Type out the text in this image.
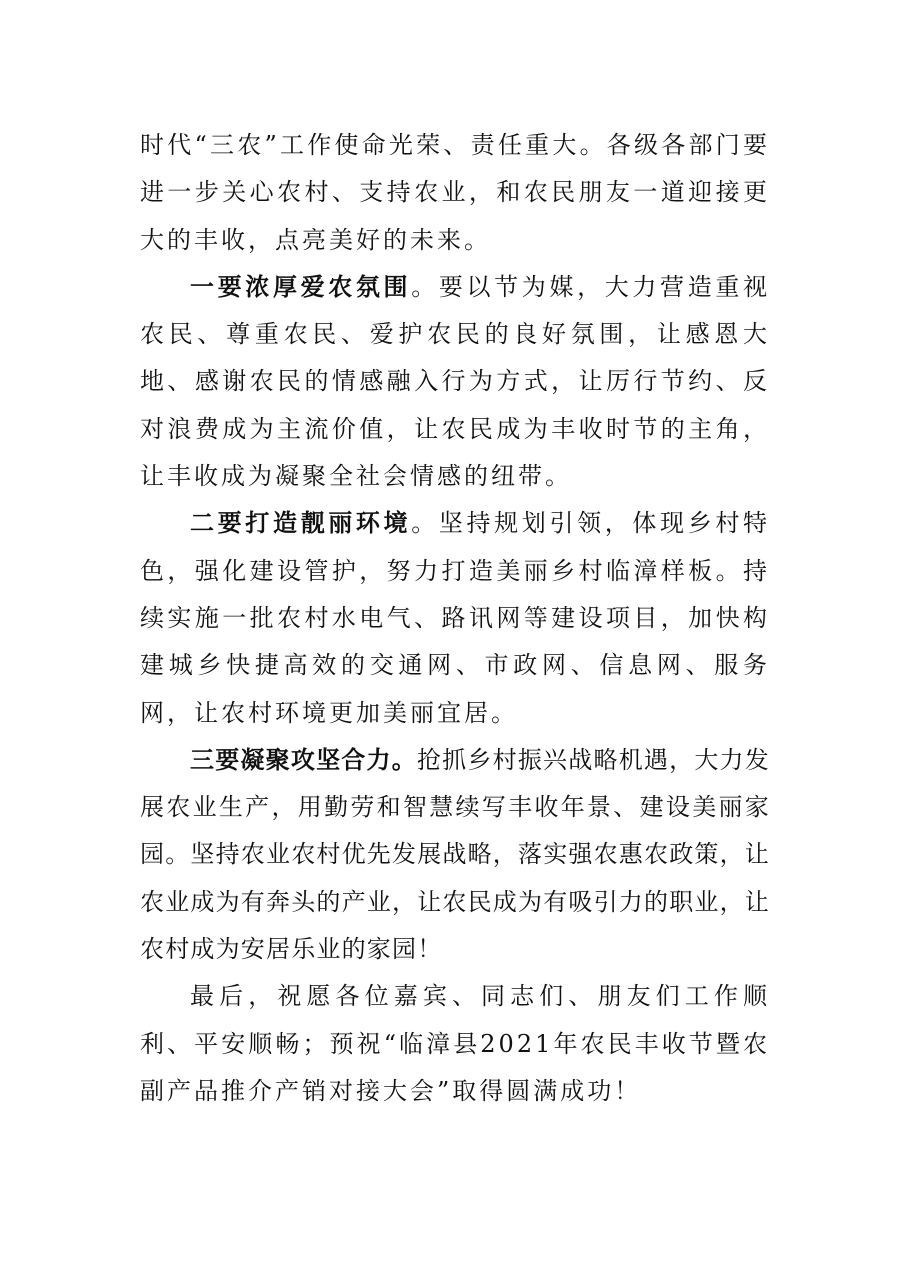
时代“三农”工作使命光荣、责任重大。各级各部门要进一步关心农村、支持农业，和农民朋友一道迎接更大的丰收，点亮美好的未来。

一要浓厚爱农氛围。要以节为媒，大力营造重视农民、尊重农民、爱护农民的良好氛围，让感恩大地、感谢农民的情感融入行为方式，让厉行节约、反对浪费成为主流价值，让农民成为丰收时节的主角，让丰收成为凝聚全社会情感的纽带。

二要打造靓丽环境。坚持规划引领，体现乡村特色，强化建设管护，努力打造美丽乡村临漳样板。持续实施一批农村水电气、路讯网等建设项目，加快构建城乡快捷高效的交通网、市政网、信息网、服务网，让农村环境更加美丽宜居。

三要凝聚攻坚合力。抢抓乡村振兴战略机遇，大力发展农业生产，用勤劳和智慧续写丰收年景、建设美丽家园。坚持农业农村优先发展战略，落实强农惠农政策，让农业成为有奔头的产业，让农民成为有吸引力的职业，让农村成为安居乐业的家园！

最后，祝愿各位嘉宾、同志们、朋友们工作顺利、平安顺畅；预祝“临漳县2021年农民丰收节暨农副产品推介产销对接大会”取得圆满成功！
